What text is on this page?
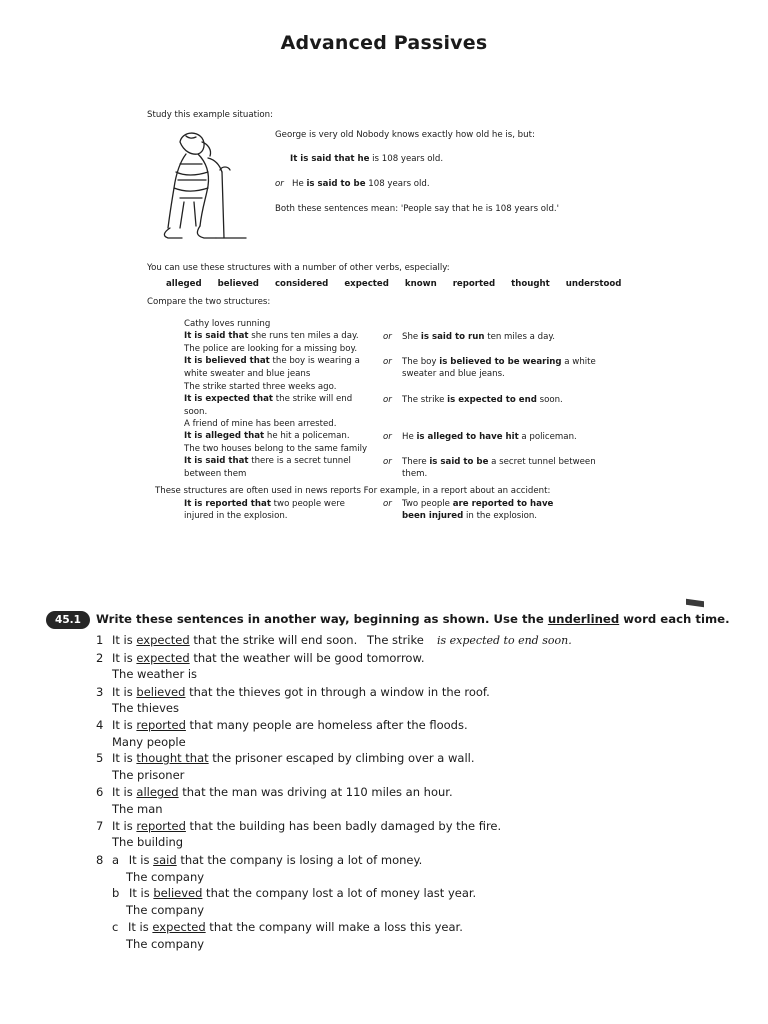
Advanced Passives
Study this example situation:
George is very old Nobody knows exactly how old he is, but:
It is said that he is 108 years old.
or He is said to be 108 years old.
Both these sentences mean: 'People say that he is 108 years old.'
You can use these structures with a number of other verbs, especially:
alleged believed considered expected known reported thought understood
Compare the two structures:
Cathy loves running
It is said that she runs ten miles a day.	or She is said to run ten miles a day.
The police are looking for a missing boy.
It is believed that the boy is wearing a white sweater and blue jeans
or The boy is believed to be wearing a white sweater and blue jeans.
The strike started three weeks ago.
It is expected that the strike will end soon.
or The strike is expected to end soon.
A friend of mine has been arrested.
It is alleged that he hit a policeman.	or He is alleged to have hit a policeman.
The two houses belong to the same family
It is said that there is a secret tunnel between them
or There is said to be a secret tunnel between them.
These structures are often used in news reports For example, in a report about an accident:
It is reported that two people were injured in the explosion.
or Two people are reported to have been injured in the explosion.
45.1	Write these sentences in another way, beginning as shown. Use the underlined word each time.
1 It is expected that the strike will end soon. The strike is expected to end soon.
2 It is expected that the weather will be good tomorrow.
The weather is
3 It is believed that the thieves got in through a window in the roof.
The thieves
4 It is reported that many people are homeless after the floods.
Many people
5 It is thought that the prisoner escaped by climbing over a wall.
The prisoner
6 It is alleged that the man was driving at 110 miles an hour.
The man
7 It is reported that the building has been badly damaged by the fire.
The building
8 a It is said that the company is losing a lot of money.
The company
b It is believed that the company lost a lot of money last year.
The company
c It is expected that the company will make a loss this year.
The company
